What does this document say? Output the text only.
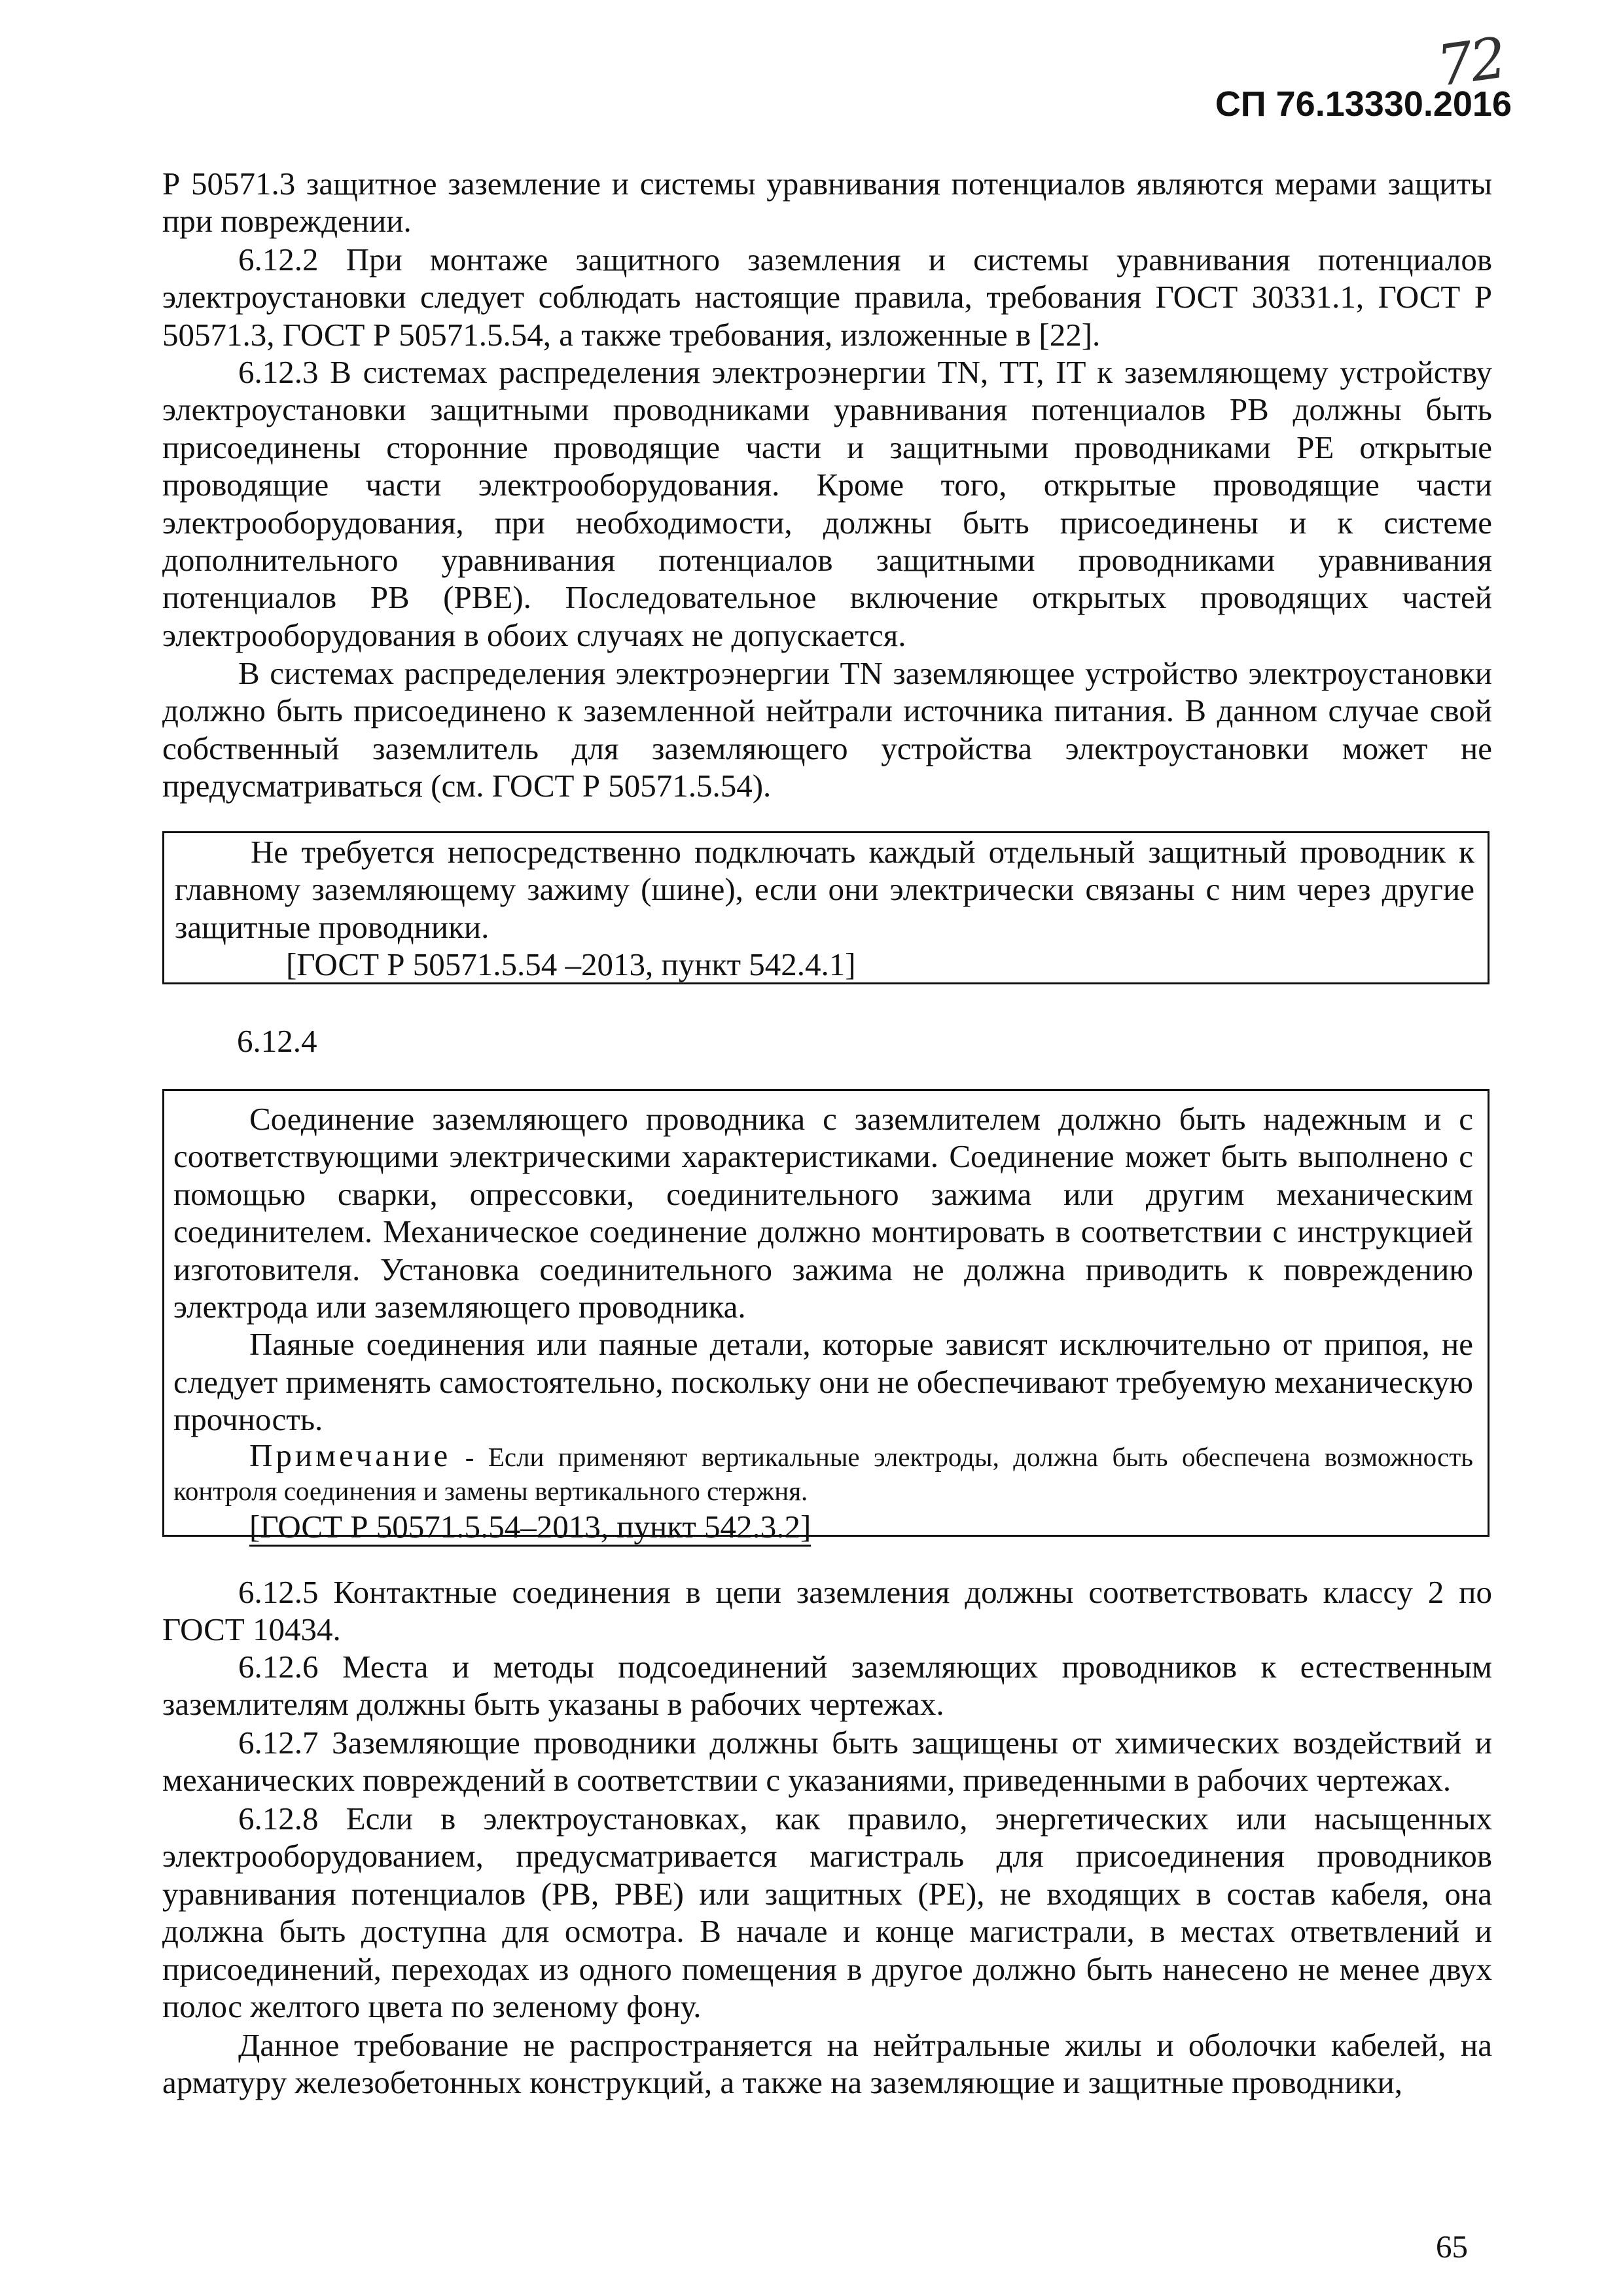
72
СП 76.13330.2016

Р 50571.3 защитное заземление и системы уравнивания потенциалов являются мерами защиты при повреждении.

6.12.2 При монтаже защитного заземления и системы уравнивания потенциалов электроустановки следует соблюдать настоящие правила, требования ГОСТ 30331.1, ГОСТ Р 50571.3, ГОСТ Р 50571.5.54, а также требования, изложенные в [22].

6.12.3 В системах распределения электроэнергии TN, TT, IT к заземляющему устройству электроустановки защитными проводниками уравнивания потенциалов РВ должны быть присоединены сторонние проводящие части и защитными проводниками РЕ открытые проводящие части электрооборудования. Кроме того, открытые проводящие части электрооборудования, при необходимости, должны быть присоединены и к системе дополнительного уравнивания потенциалов защитными проводниками уравнивания потенциалов РВ (РВЕ). Последовательное включение открытых проводящих частей электрооборудования в обоих случаях не допускается.

В системах распределения электроэнергии TN заземляющее устройство электроустановки должно быть присоединено к заземленной нейтрали источника питания. В данном случае свой собственный заземлитель для заземляющего устройства электроустановки может не предусматриваться (см. ГОСТ Р 50571.5.54).

Не требуется непосредственно подключать каждый отдельный защитный проводник к главному заземляющему зажиму (шине), если они электрически связаны с ним через другие защитные проводники.

[ГОСТ Р 50571.5.54 –2013, пункт 542.4.1]

6.12.4

Соединение заземляющего проводника с заземлителем должно быть надежным и с соответствующими электрическими характеристиками. Соединение может быть выполнено с помощью сварки, опрессовки, соединительного зажима или другим механическим соединителем. Механическое соединение должно монтировать в соответствии с инструкцией изготовителя. Установка соединительного зажима не должна приводить к повреждению электрода или заземляющего проводника.

Паяные соединения или паяные детали, которые зависят исключительно от припоя, не следует применять самостоятельно, поскольку они не обеспечивают требуемую механическую прочность.

Примечание - Если применяют вертикальные электроды, должна быть обеспечена возможность контроля соединения и замены вертикального стержня.

[ГОСТ Р 50571.5.54–2013, пункт 542.3.2]

6.12.5 Контактные соединения в цепи заземления должны соответствовать классу 2 по ГОСТ 10434.

6.12.6 Места и методы подсоединений заземляющих проводников к естественным заземлителям должны быть указаны в рабочих чертежах.

6.12.7 Заземляющие проводники должны быть защищены от химических воздействий и механических повреждений в соответствии с указаниями, приведенными в рабочих чертежах.

6.12.8 Если в электроустановках, как правило, энергетических или насыщенных электрооборудованием, предусматривается магистраль для присоединения проводников уравнивания потенциалов (РВ, РВЕ) или защитных (РЕ), не входящих в состав кабеля, она должна быть доступна для осмотра. В начале и конце магистрали, в местах ответвлений и присоединений, переходах из одного помещения в другое должно быть нанесено не менее двух полос желтого цвета по зеленому фону.

Данное требование не распространяется на нейтральные жилы и оболочки кабелей, на арматуру железобетонных конструкций, а также на заземляющие и защитные проводники,

65
